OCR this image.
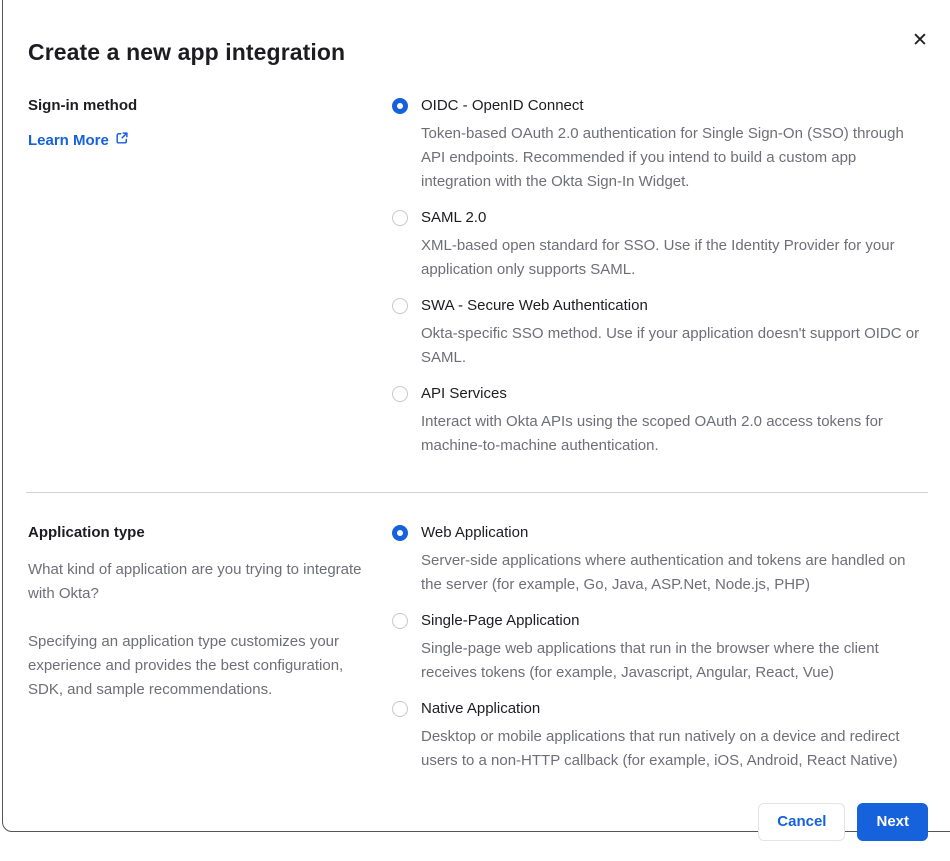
Create a new app integration
Sign-in method
Learn More
OIDC - OpenID Connect
Token-based OAuth 2.0 authentication for Single Sign-On (SSO) through API endpoints. Recommended if you intend to build a custom app integration with the Okta Sign-In Widget.
SAML 2.0
XML-based open standard for SSO. Use if the Identity Provider for your application only supports SAML.
SWA - Secure Web Authentication
Okta-specific SSO method. Use if your application doesn't support OIDC or SAML.
API Services
Interact with Okta APIs using the scoped OAuth 2.0 access tokens for machine-to-machine authentication.
Application type

What kind of application are you trying to integrate with Okta?

Specifying an application type customizes your experience and provides the best configuration, SDK, and sample recommendations.

Web Application
Server-side applications where authentication and tokens are handled on the server (for example, Go, Java, ASP.Net, Node.js, PHP)
Single-Page Application
Single-page web applications that run in the browser where the client receives tokens (for example, Javascript, Angular, React, Vue)
Native Application
Desktop or mobile applications that run natively on a device and redirect users to a non-HTTP callback (for example, iOS, Android, React Native)
Cancel	Next
✕
